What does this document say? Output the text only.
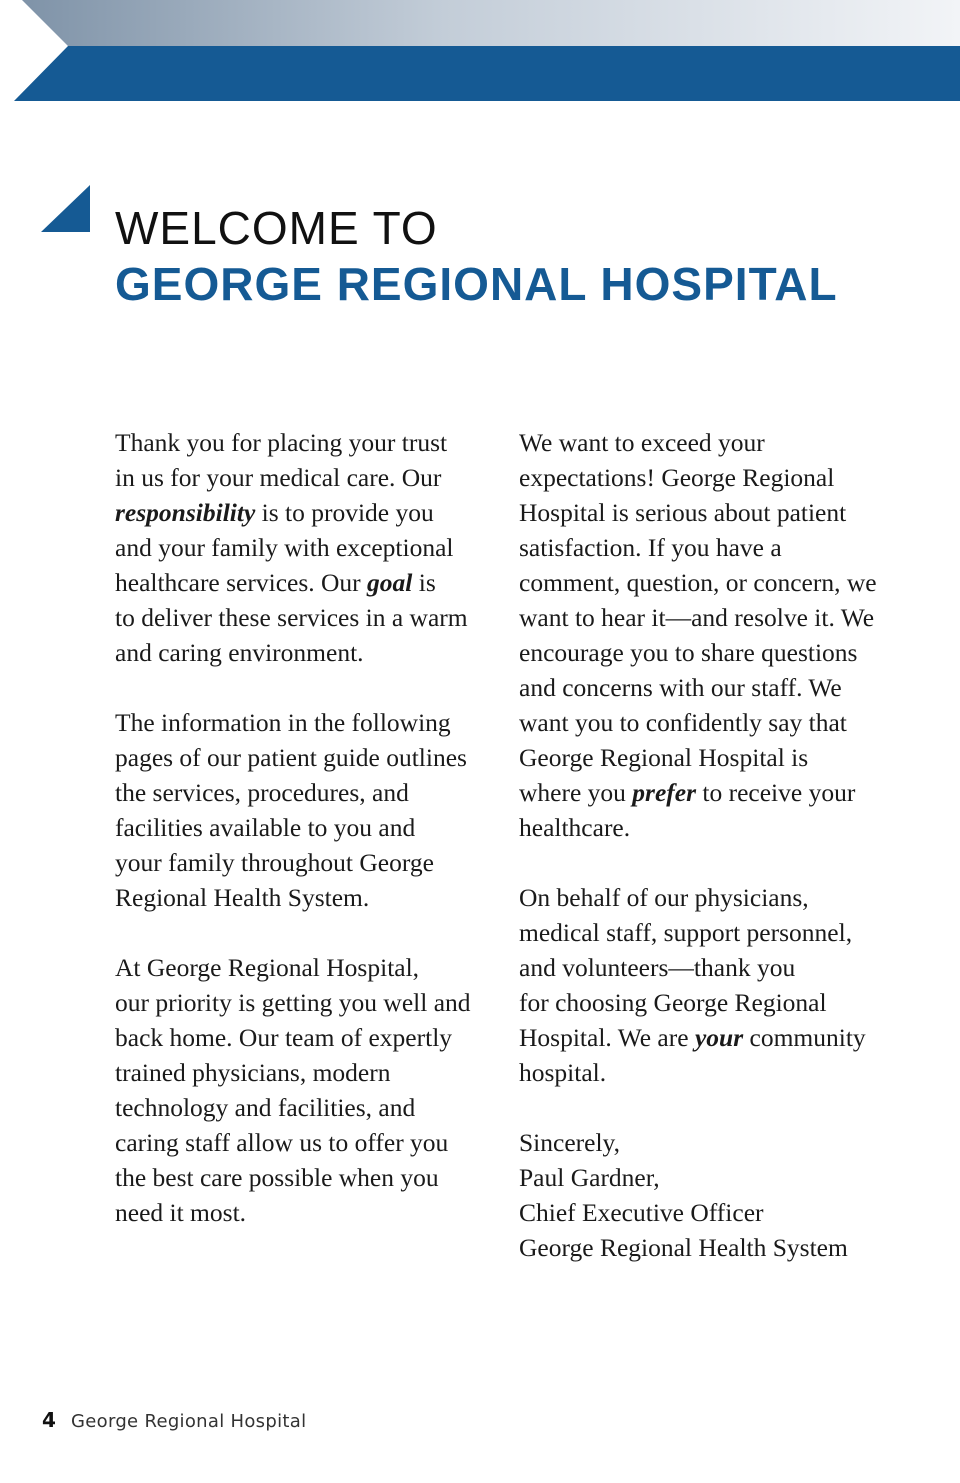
WELCOME TO
GEORGE REGIONAL HOSPITAL

Thank you for placing your trust
in us for your medical care. Our
responsibility is to provide you
and your family with exceptional
healthcare services. Our goal is
to deliver these services in a warm
and caring environment.

The information in the following
pages of our patient guide outlines
the services, procedures, and
facilities available to you and
your family throughout George
Regional Health System.

At George Regional Hospital,
our priority is getting you well and
back home. Our team of expertly
trained physicians, modern
technology and facilities, and
caring staff allow us to offer you
the best care possible when you
need it most.

We want to exceed your
expectations! George Regional
Hospital is serious about patient
satisfaction. If you have a
comment, question, or concern, we
want to hear it—and resolve it. We
encourage you to share questions
and concerns with our staff. We
want you to confidently say that
George Regional Hospital is
where you prefer to receive your
healthcare.

On behalf of our physicians,
medical staff, support personnel,
and volunteers—thank you
for choosing George Regional
Hospital. We are your community
hospital.

Sincerely,
Paul Gardner,
Chief Executive Officer
George Regional Health System

4 George Regional Hospital
